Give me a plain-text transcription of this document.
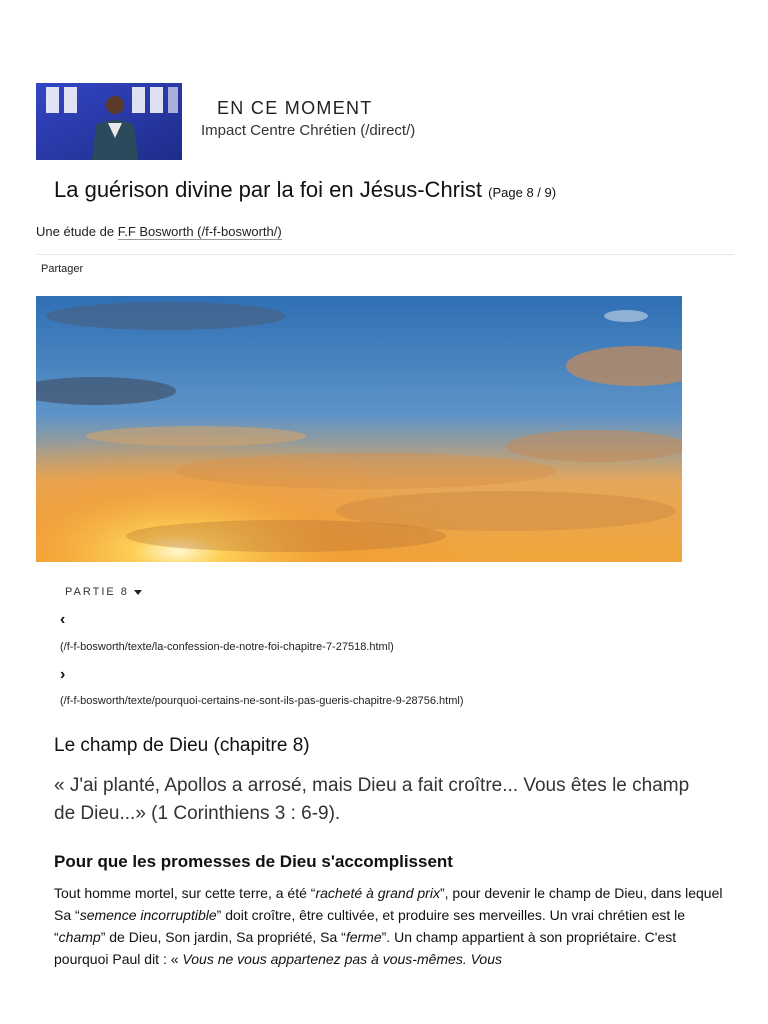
EN CE MOMENT
Impact Centre Chrétien (/direct/)
La guérison divine par la foi en Jésus-Christ (Page 8 / 9)
Une étude de F.F Bosworth (/f-f-bosworth/)
Partager
PARTIE 8
‹
(/f-f-bosworth/texte/la-confession-de-notre-foi-chapitre-7-27518.html)
›
(/f-f-bosworth/texte/pourquoi-certains-ne-sont-ils-pas-gueris-chapitre-9-28756.html)
Le champ de Dieu (chapitre 8)

« J'ai planté, Apollos a arrosé, mais Dieu a fait croître... Vous êtes le champ de Dieu...» (1 Corinthiens 3 : 6-9).

Pour que les promesses de Dieu s'accomplissent

Tout homme mortel, sur cette terre, a été “racheté à grand prix”, pour devenir le champ de Dieu, dans lequel Sa “semence incorruptible” doit croître, être cultivée, et produire ses merveilles. Un vrai chrétien est le “champ” de Dieu, Son jardin, Sa propriété, Sa “ferme”. Un champ appartient à son propriétaire. C'est pourquoi Paul dit : « Vous ne vous appartenez pas à vous-mêmes. Vous
